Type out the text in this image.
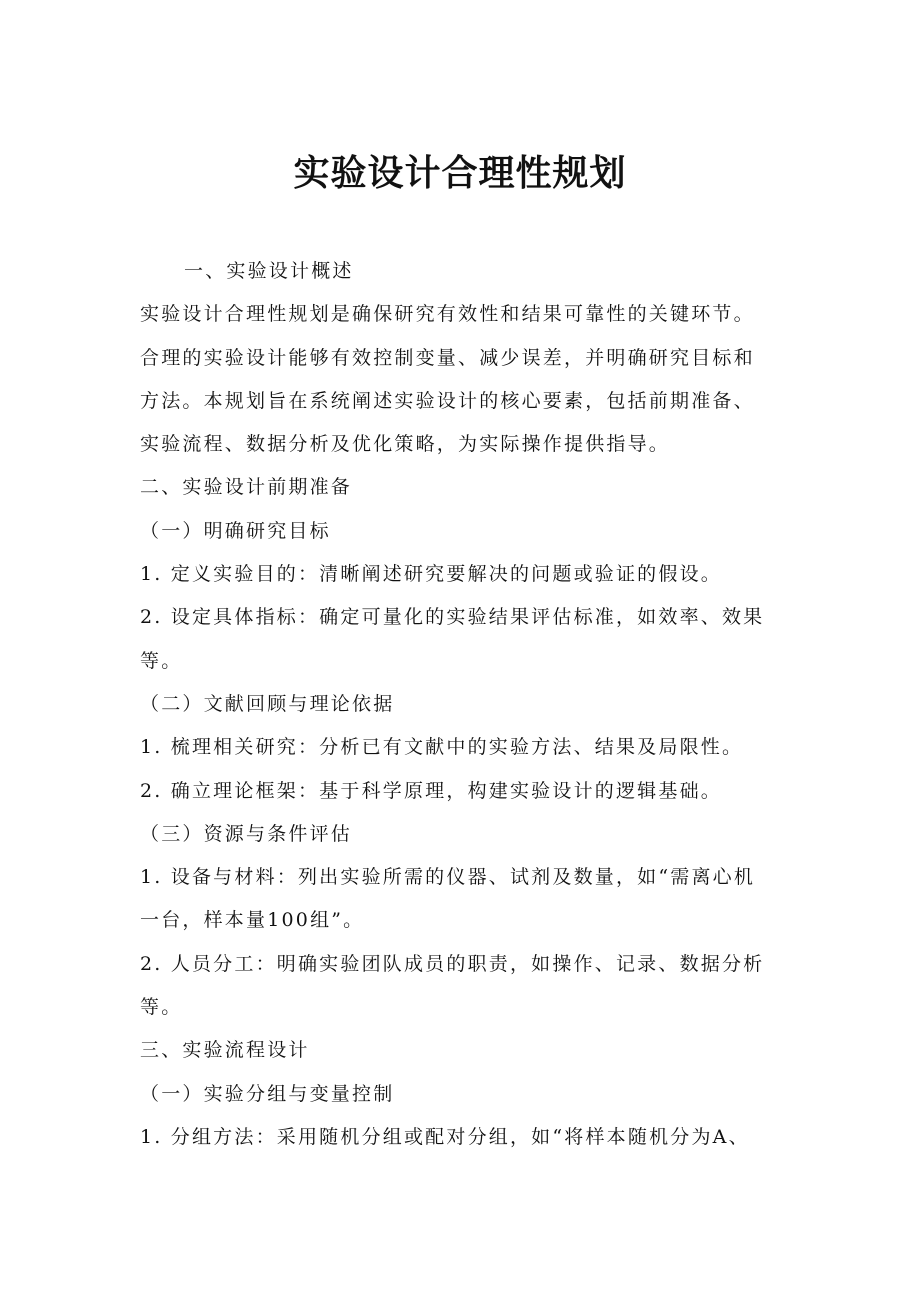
实验设计合理性规划

一、实验设计概述

实验设计合理性规划是确保研究有效性和结果可靠性的关键环节。

合理的实验设计能够有效控制变量、减少误差，并明确研究目标和

方法。本规划旨在系统阐述实验设计的核心要素，包括前期准备、

实验流程、数据分析及优化策略，为实际操作提供指导。

二、实验设计前期准备

（一）明确研究目标

1. 定义实验目的：清晰阐述研究要解决的问题或验证的假设。

2. 设定具体指标：确定可量化的实验结果评估标准，如效率、效果

等。

（二）文献回顾与理论依据

1. 梳理相关研究：分析已有文献中的实验方法、结果及局限性。

2. 确立理论框架：基于科学原理，构建实验设计的逻辑基础。

（三）资源与条件评估

1. 设备与材料：列出实验所需的仪器、试剂及数量，如“需离心机

一台，样本量100组”。

2. 人员分工：明确实验团队成员的职责，如操作、记录、数据分析

等。

三、实验流程设计

（一）实验分组与变量控制

1. 分组方法：采用随机分组或配对分组，如“将样本随机分为A、
